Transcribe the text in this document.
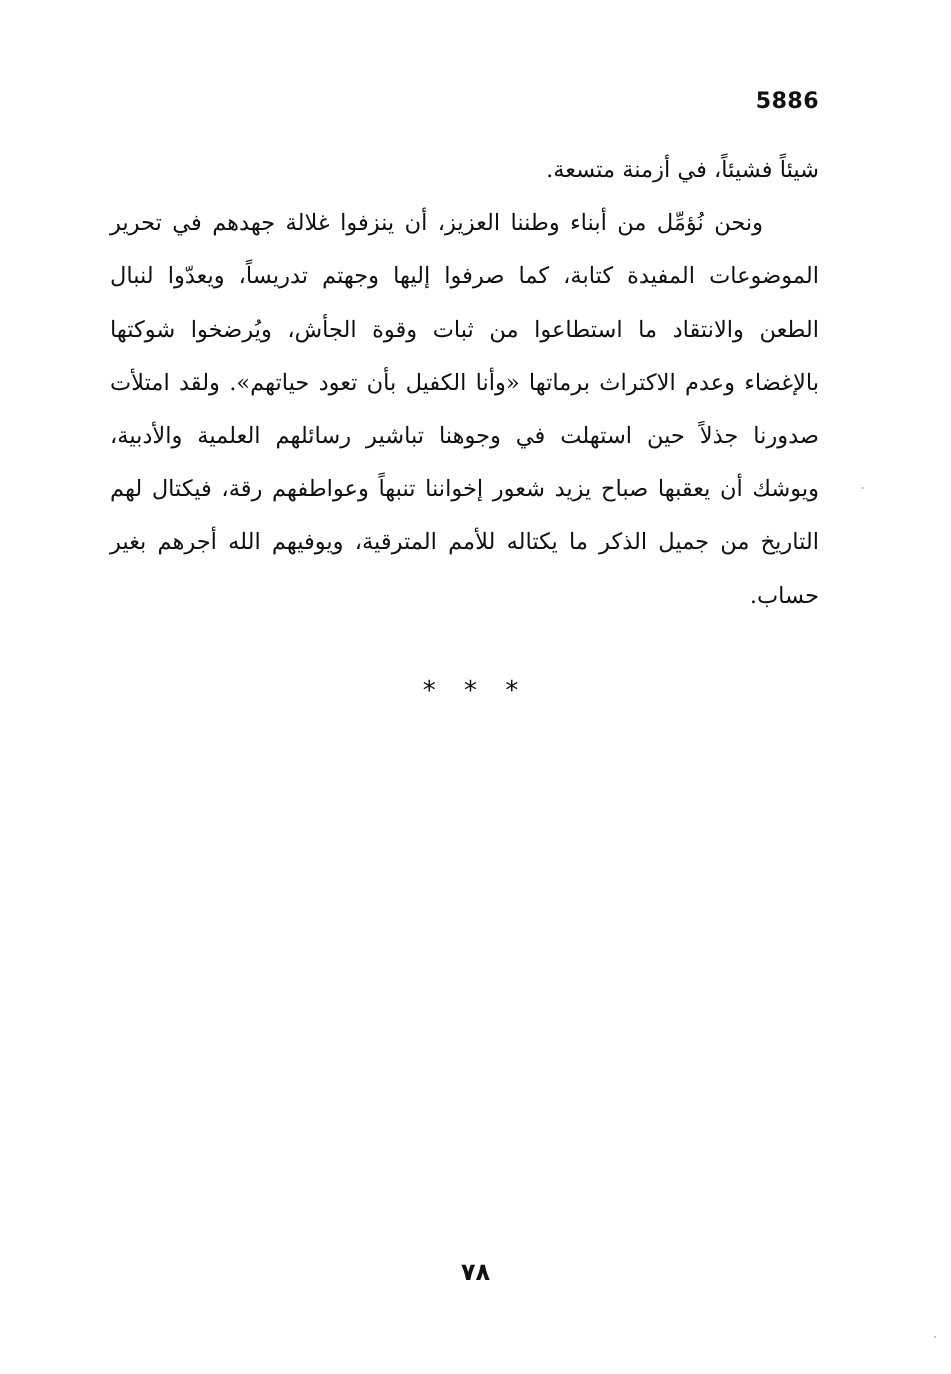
5886

شيئاً فشيئاً، في أزمنة متسعة.

ونحن نُؤمِّل من أبناء وطننا العزيز، أن ينزفوا غلالة جهدهم في تحرير الموضوعات المفيدة كتابة، كما صرفوا إليها وجهتم تدريساً، ويعدّوا لنبال الطعن والانتقاد ما استطاعوا من ثبات وقوة الجأش، ويُرضخوا شوكتها بالإغضاء وعدم الاكتراث برماتها «وأنا الكفيل بأن تعود حياتهم». ولقد امتلأت صدورنا جذلاً حين استهلت في وجوهنا تباشير رسائلهم العلمية والأدبية، ويوشك أن يعقبها صباح يزيد شعور إخواننا تنبهاً وعواطفهم رقة، فيكتال لهم التاريخ من جميل الذكر ما يكتاله للأمم المترقية، ويوفيهم الله أجرهم بغير حساب.

* * *
٧٨
